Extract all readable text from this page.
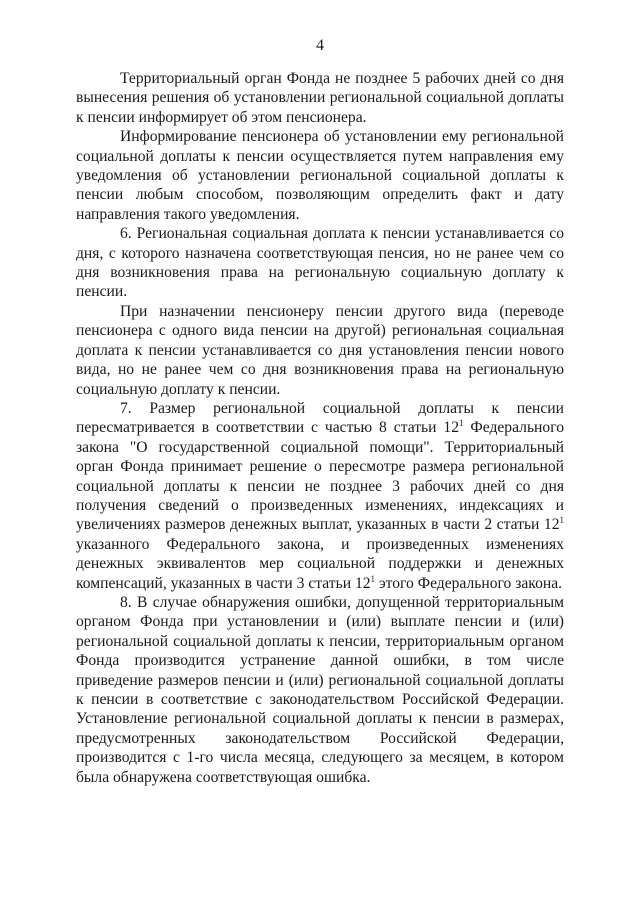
4

Территориальный орган Фонда не позднее 5 рабочих дней со дня вынесения решения об установлении региональной социальной доплаты к пенсии информирует об этом пенсионера.

Информирование пенсионера об установлении ему региональной социальной доплаты к пенсии осуществляется путем направления ему уведомления об установлении региональной социальной доплаты к пенсии любым способом, позволяющим определить факт и дату направления такого уведомления.

6. Региональная социальная доплата к пенсии устанавливается со дня, с которого назначена соответствующая пенсия, но не ранее чем со дня возникновения права на региональную социальную доплату к пенсии.

При назначении пенсионеру пенсии другого вида (переводе пенсионера с одного вида пенсии на другой) региональная социальная доплата к пенсии устанавливается со дня установления пенсии нового вида, но не ранее чем со дня возникновения права на региональную социальную доплату к пенсии.

7. Размер региональной социальной доплаты к пенсии пересматривается в соответствии с частью 8 статьи $12^1$ Федерального закона "О государственной социальной помощи". Территориальный орган Фонда принимает решение о пересмотре размера региональной социальной доплаты к пенсии не позднее 3 рабочих дней со дня получения сведений о произведенных изменениях, индексациях и увеличениях размеров денежных выплат, указанных в части 2 статьи $12^1$ указанного Федерального закона, и произведенных изменениях денежных эквивалентов мер социальной поддержки и денежных компенсаций, указанных в части 3 статьи $12^1$ этого Федерального закона.

8. В случае обнаружения ошибки, допущенной территориальным органом Фонда при установлении и (или) выплате пенсии и (или) региональной социальной доплаты к пенсии, территориальным органом Фонда производится устранение данной ошибки, в том числе приведение размеров пенсии и (или) региональной социальной доплаты к пенсии в соответствие с законодательством Российской Федерации. Установление региональной социальной доплаты к пенсии в размерах, предусмотренных законодательством Российской Федерации, производится с 1-го числа месяца, следующего за месяцем, в котором была обнаружена соответствующая ошибка.
